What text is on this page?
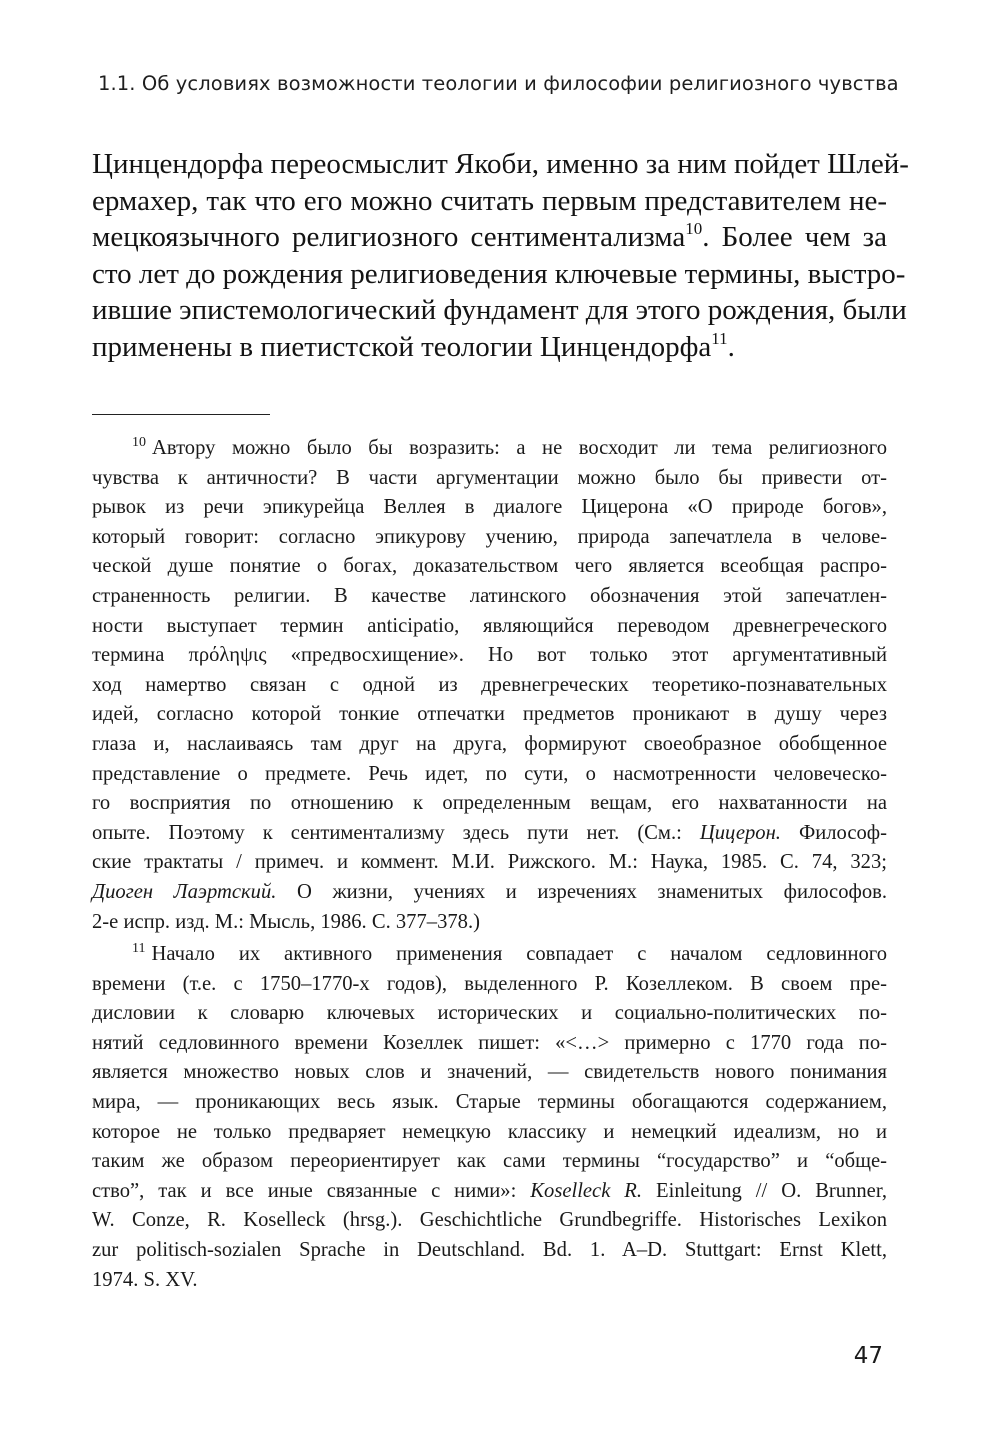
1.1. Об условиях возможности теологии и философии религиозного чувства
Цинцендорфа переосмыслит Якоби, именно за ним пойдет Шлей-
ермахер, так что его можно считать первым представителем не-
мецкоязычного религиозного сентиментализма$^{10}$. Более чем за
сто лет до рождения религиоведения ключевые термины, выстро-
ившие эпистемологический фундамент для этого рождения, были
применены в пиетистской теологии Цинцендорфа$^{11}$.
$^{10}$ Автору можно было бы возразить: а не восходит ли тема религиозного
чувства к античности? В части аргументации можно было бы привести от-
рывок из речи эпикурейца Веллея в диалоге Цицерона «О природе богов»,
который говорит: согласно эпикурову учению, природа запечатлела в челове-
ческой душе понятие о богах, доказательством чего является всеобщая распро-
страненность религии. В качестве латинского обозначения этой запечатлен-
ности выступает термин anticipatio, являющийся переводом древнегреческого
термина πρόληψις «предвосхищение». Но вот только этот аргументативный
ход намертво связан с одной из древнегреческих теоретико-познавательных
идей, согласно которой тонкие отпечатки предметов проникают в душу через
глаза и, наслаиваясь там друг на друга, формируют своеобразное обобщенное
представление о предмете. Речь идет, по сути, о насмотренности человеческо-
го восприятия по отношению к определенным вещам, его нахватанности на
опыте. Поэтому к сентиментализму здесь пути нет. (См.: Цицерон. Философ-
ские трактаты / примеч. и коммент. М.И. Рижского. М.: Наука, 1985. С. 74, 323;
Диоген Лаэртский. О жизни, учениях и изречениях знаменитых философов.
2-е испр. изд. М.: Мысль, 1986. С. 377–378.)
$^{11}$ Начало их активного применения совпадает с началом седловинного
времени (т.е. с 1750–1770-х годов), выделенного Р. Козеллеком. В своем пре-
дисловии к словарю ключевых исторических и социально-политических по-
нятий седловинного времени Козеллек пишет: «<…> примерно с 1770 года по-
является множество новых слов и значений, — свидетельств нового понимания
мира, — проникающих весь язык. Старые термины обогащаются содержанием,
которое не только предваряет немецкую классику и немецкий идеализм, но и
таким же образом переориентирует как сами термины “государство” и “обще-
ство”, так и все иные связанные с ними»: Koselleck R. Einleitung // O. Brunner,
W. Conze, R. Koselleck (hrsg.). Geschichtliche Grundbegriffe. Historisches Lexikon
zur politisch-sozialen Sprache in Deutschland. Bd. 1. A–D. Stuttgart: Ernst Klett,
1974. S. XV.
47
